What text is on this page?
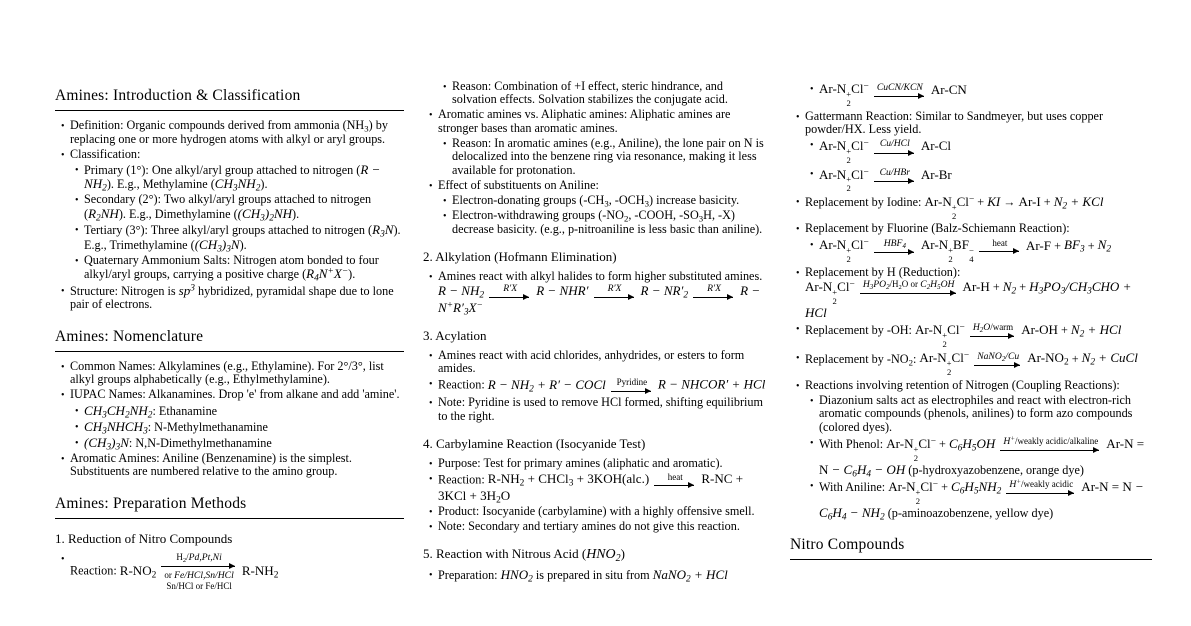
Amines: Introduction & Classification
• Definition: Organic compounds derived from ammonia $(NH_3)$ by replacing one or more hydrogen atoms with alkyl or aryl groups.
• Classification:
• Primary (1°): One alkyl/aryl group attached to nitrogen $(R - NH_2)$. E.g., Methylamine $(CH_3NH_2)$.
• Secondary (2°): Two alkyl/aryl groups attached to nitrogen $(R_2NH)$. E.g., Dimethylamine $((CH_3)_2NH)$.
• Tertiary (3°): Three alkyl/aryl groups attached to nitrogen $(R_3N)$. E.g., Trimethylamine $((CH_3)_3N)$.
• Quaternary Ammonium Salts: Nitrogen atom bonded to four alkyl/aryl groups, carrying a positive charge $(R_4N^+X^-)$.
• Structure: Nitrogen is $sp^3$ hybridized, pyramidal shape due to lone pair of electrons.
Amines: Nomenclature
• Common Names: Alkylamines (e.g., Ethylamine). For 2°/3°, list alkyl groups alphabetically (e.g., Ethylmethylamine).
• IUPAC Names: Alkanamines. Drop 'e' from alkane and add 'amine'.
• $CH_3CH_2NH_2$: Ethanamine
• $CH_3NHCH_3$: N-Methylmethanamine
• $(CH_3)_3N$: N,N-Dimethylmethanamine
• Aromatic Amines: Aniline (Benzenamine) is the simplest. Substituents are numbered relative to the amino group.
Amines: Preparation Methods
1. Reduction of Nitro Compounds
• Reaction: $R-NO_2$
$H_2/Pd,Pt,Ni$
or Fe/HCl,Sn/HCl
Sn/HCl or Fe/HCl
$R-NH_2$
• Reason: Combination of +I effect, steric hindrance, and solvation effects. Solvation stabilizes the conjugate acid.
• Aromatic amines vs. Aliphatic amines: Aliphatic amines are stronger bases than aromatic amines.
• Reason: In aromatic amines (e.g., Aniline), the lone pair on N is delocalized into the benzene ring via resonance, making it less available for protonation.
• Effect of substituents on Aniline:
• Electron-donating groups ($-CH_3$, $-OCH_3$) increase basicity.
• Electron-withdrawing groups ($-NO_2$, -COOH, $-SO_3H$, -X) decrease basicity. (e.g., p-nitroaniline is less basic than aniline).
2. Alkylation (Hofmann Elimination)
• Amines react with alkyl halides to form higher substituted amines. $R - NH_2$
R′X R − NHR′	R′X $R - NR'_2$
R′X $R - N^+R'_3X^-$
3. Acylation
• Amines react with acid chlorides, anhydrides, or esters to form amides.
• Reaction: $R - NH_2 + R'$ − COCl	Pyridine R − NHCOR′ + HCl
• Note: Pyridine is used to remove HCl formed, shifting equilibrium to the right.
4. Carbylamine Reaction (Isocyanide Test)
• Purpose: Test for primary amines (aliphatic and aromatic).
• Reaction: $R-NH_2$ + CHCl$_3$ + 3KOH(alc.)	heat $R-NC + 3KCl + 3H_2O$
• Product: Isocyanide (carbylamine) with a highly offensive smell.
• Note: Secondary and tertiary amines do not give this reaction.
5. Reaction with Nitrous Acid $(HNO_2)$
• Preparation: $HNO_2$ is prepared in situ from NaNO$_2$ + HCl
• Ar-N +
2
Cl− CuCN/KCN Ar-CN
• Gattermann Reaction: Similar to Sandmeyer, but uses copper powder/HX. Less yield.
• Ar-N +
2
Cl−	Cu/HCl Ar-Cl
• Ar-N +
2
Cl−	Cu/HBr Ar-Br
• Replacement by Iodine: Ar-N +
2
Cl− + KI → $Ar-I + N_2$ + KCl
• Replacement by Fluorine (Balz-Schiemann Reaction):
• Ar-N +
2
Cl−	$HBF_4$ Ar-N +
2
BF −
4

heat $Ar-F + BF_3 + N_2$
• Replacement by H (Reduction):
Ar-N +
2
Cl− $H_3PO_2/H_2O$ or $C_2H_5OH$ $Ar-H + N_2 + H_3PO_3/CH_3CHO$ + HCl
• Replacement by -OH: Ar-N +
2
Cl− $H_2O$/warm $Ar-OH + N_2$ + HCl
• Replacement by $-NO_2$: Ar-N +
2
Cl− NaNO$_2$/Cu $Ar-NO_2 + N_2$ + CuCl
• Reactions involving retention of Nitrogen (Coupling Reactions):
• Diazonium salts act as electrophiles and react with electron-rich aromatic compounds (phenols, anilines) to form azo compounds (colored dyes).
• With Phenol: Ar-N +
2
$Cl^- + C_6H_5OH$ H+/weakly acidic/alkaline $Ar-N = N - C_6H_4$ − OH (p-hydroxyazobenzene, orange dye)
• With Aniline: Ar-N +
2
$Cl^- + C_6H_5NH_2$
H+/weakly acidic $Ar-N = N - C_6H_4 - NH_2$ (p-aminoazobenzene, yellow dye)
Nitro Compounds
